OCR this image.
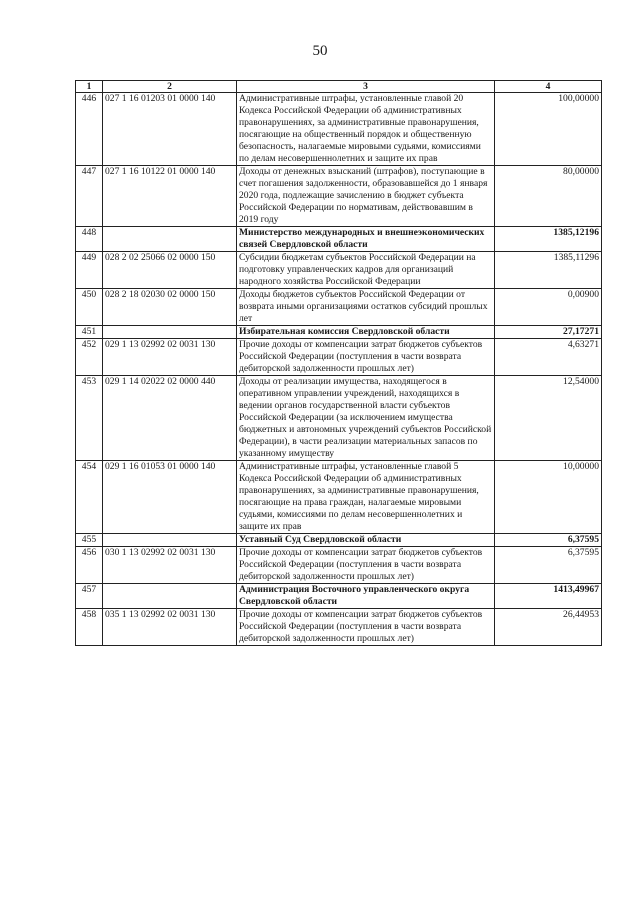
50
1	2	3	4
446	027 1 16 01203 01 0000 140	Административные штрафы, установленные главой 20 Кодекса Российской Федерации об административных правонарушениях, за административные правонарушения, посягающие на общественный порядок и общественную безопасность, налагаемые мировыми судьями, комиссиями по делам несовершеннолетних и защите их прав	100,00000
447	027 1 16 10122 01 0000 140	Доходы от денежных взысканий (штрафов), поступающие в счет погашения задолженности, образовавшейся до 1 января 2020 года, подлежащие зачислению в бюджет субъекта Российской Федерации по нормативам, действовавшим в 2019 году	80,00000
448		Министерство международных и внешнеэкономических связей Свердловской области	1385,12196
449	028 2 02 25066 02 0000 150	Субсидии бюджетам субъектов Российской Федерации на подготовку управленческих кадров для организаций народного хозяйства Российской Федерации	1385,11296
450	028 2 18 02030 02 0000 150	Доходы бюджетов субъектов Российской Федерации от возврата иными организациями остатков субсидий прошлых лет	0,00900
451		Избирательная комиссия Свердловской области	27,17271
452	029 1 13 02992 02 0031 130	Прочие доходы от компенсации затрат бюджетов субъектов Российской Федерации (поступления в части возврата дебиторской задолженности прошлых лет)	4,63271
453	029 1 14 02022 02 0000 440	Доходы от реализации имущества, находящегося в оперативном управлении учреждений, находящихся в ведении органов государственной власти субъектов Российской Федерации (за исключением имущества бюджетных и автономных учреждений субъектов Российской Федерации), в части реализации материальных запасов по указанному имуществу	12,54000
454	029 1 16 01053 01 0000 140	Административные штрафы, установленные главой 5 Кодекса Российской Федерации об административных правонарушениях, за административные правонарушения, посягающие на права граждан, налагаемые мировыми судьями, комиссиями по делам несовершеннолетних и защите их прав	10,00000
455		Уставный Суд Свердловской области	6,37595
456	030 1 13 02992 02 0031 130	Прочие доходы от компенсации затрат бюджетов субъектов Российской Федерации (поступления в части возврата дебиторской задолженности прошлых лет)	6,37595
457		Администрация Восточного управленческого округа Свердловской области	1413,49967
458	035 1 13 02992 02 0031 130	Прочие доходы от компенсации затрат бюджетов субъектов Российской Федерации (поступления в части возврата дебиторской задолженности прошлых лет)	26,44953
